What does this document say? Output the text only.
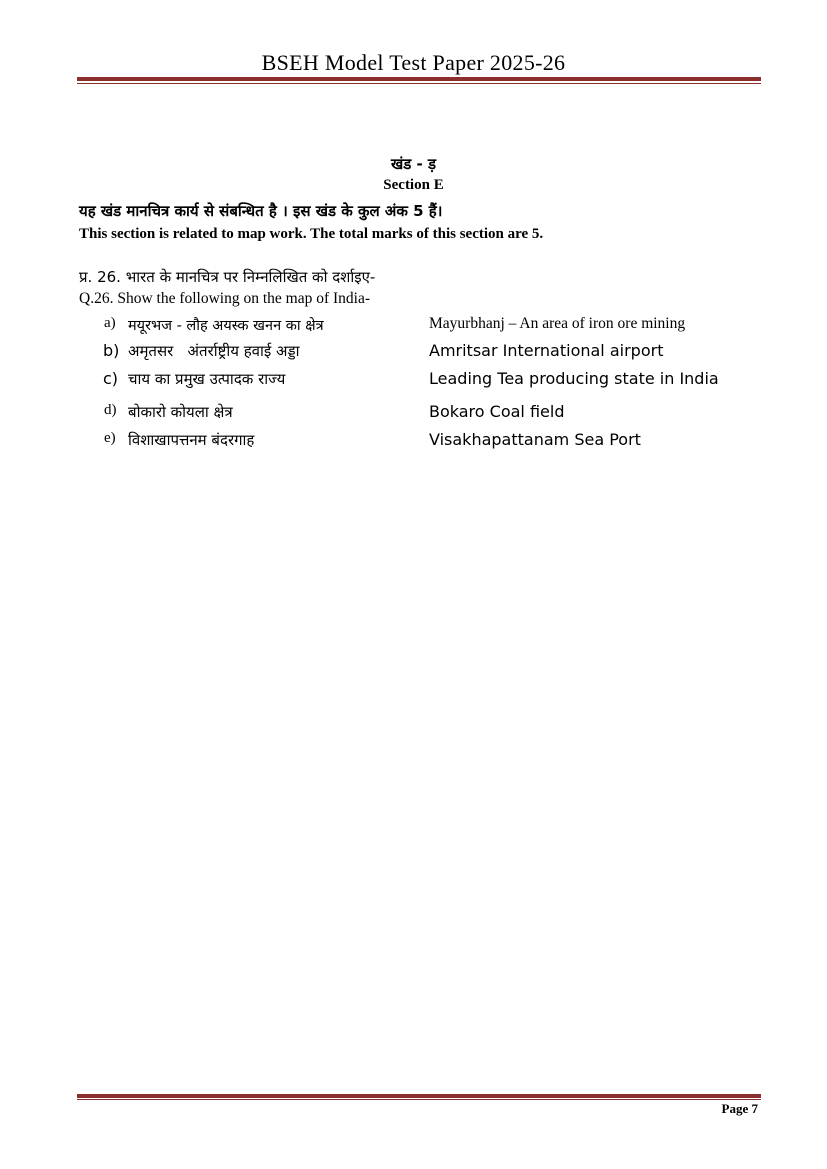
BSEH Model Test Paper 2025-26
खंड - ड़
Section E
यह खंड मानचित्र कार्य से संबन्धित है । इस खंड के कुल अंक 5 हैं।
This section is related to map work. The total marks of this section are 5.
प्र. 26. भारत के मानचित्र पर निम्नलिखित को दर्शाइए-
Q.26. Show the following on the map of India-
a) मयूरभज - लौह अयस्क खनन का क्षेत्र	Mayurbhanj – An area of iron ore mining
b) अमृतसर   अंतर्राष्ट्रीय हवाई अड्डा	Amritsar International airport
c) चाय का प्रमुख उत्पादक राज्य	Leading Tea producing state in India
d) बोकारो कोयला क्षेत्र	Bokaro Coal field
e) विशाखापत्तनम बंदरगाह	Visakhapattanam Sea Port
Page 7
